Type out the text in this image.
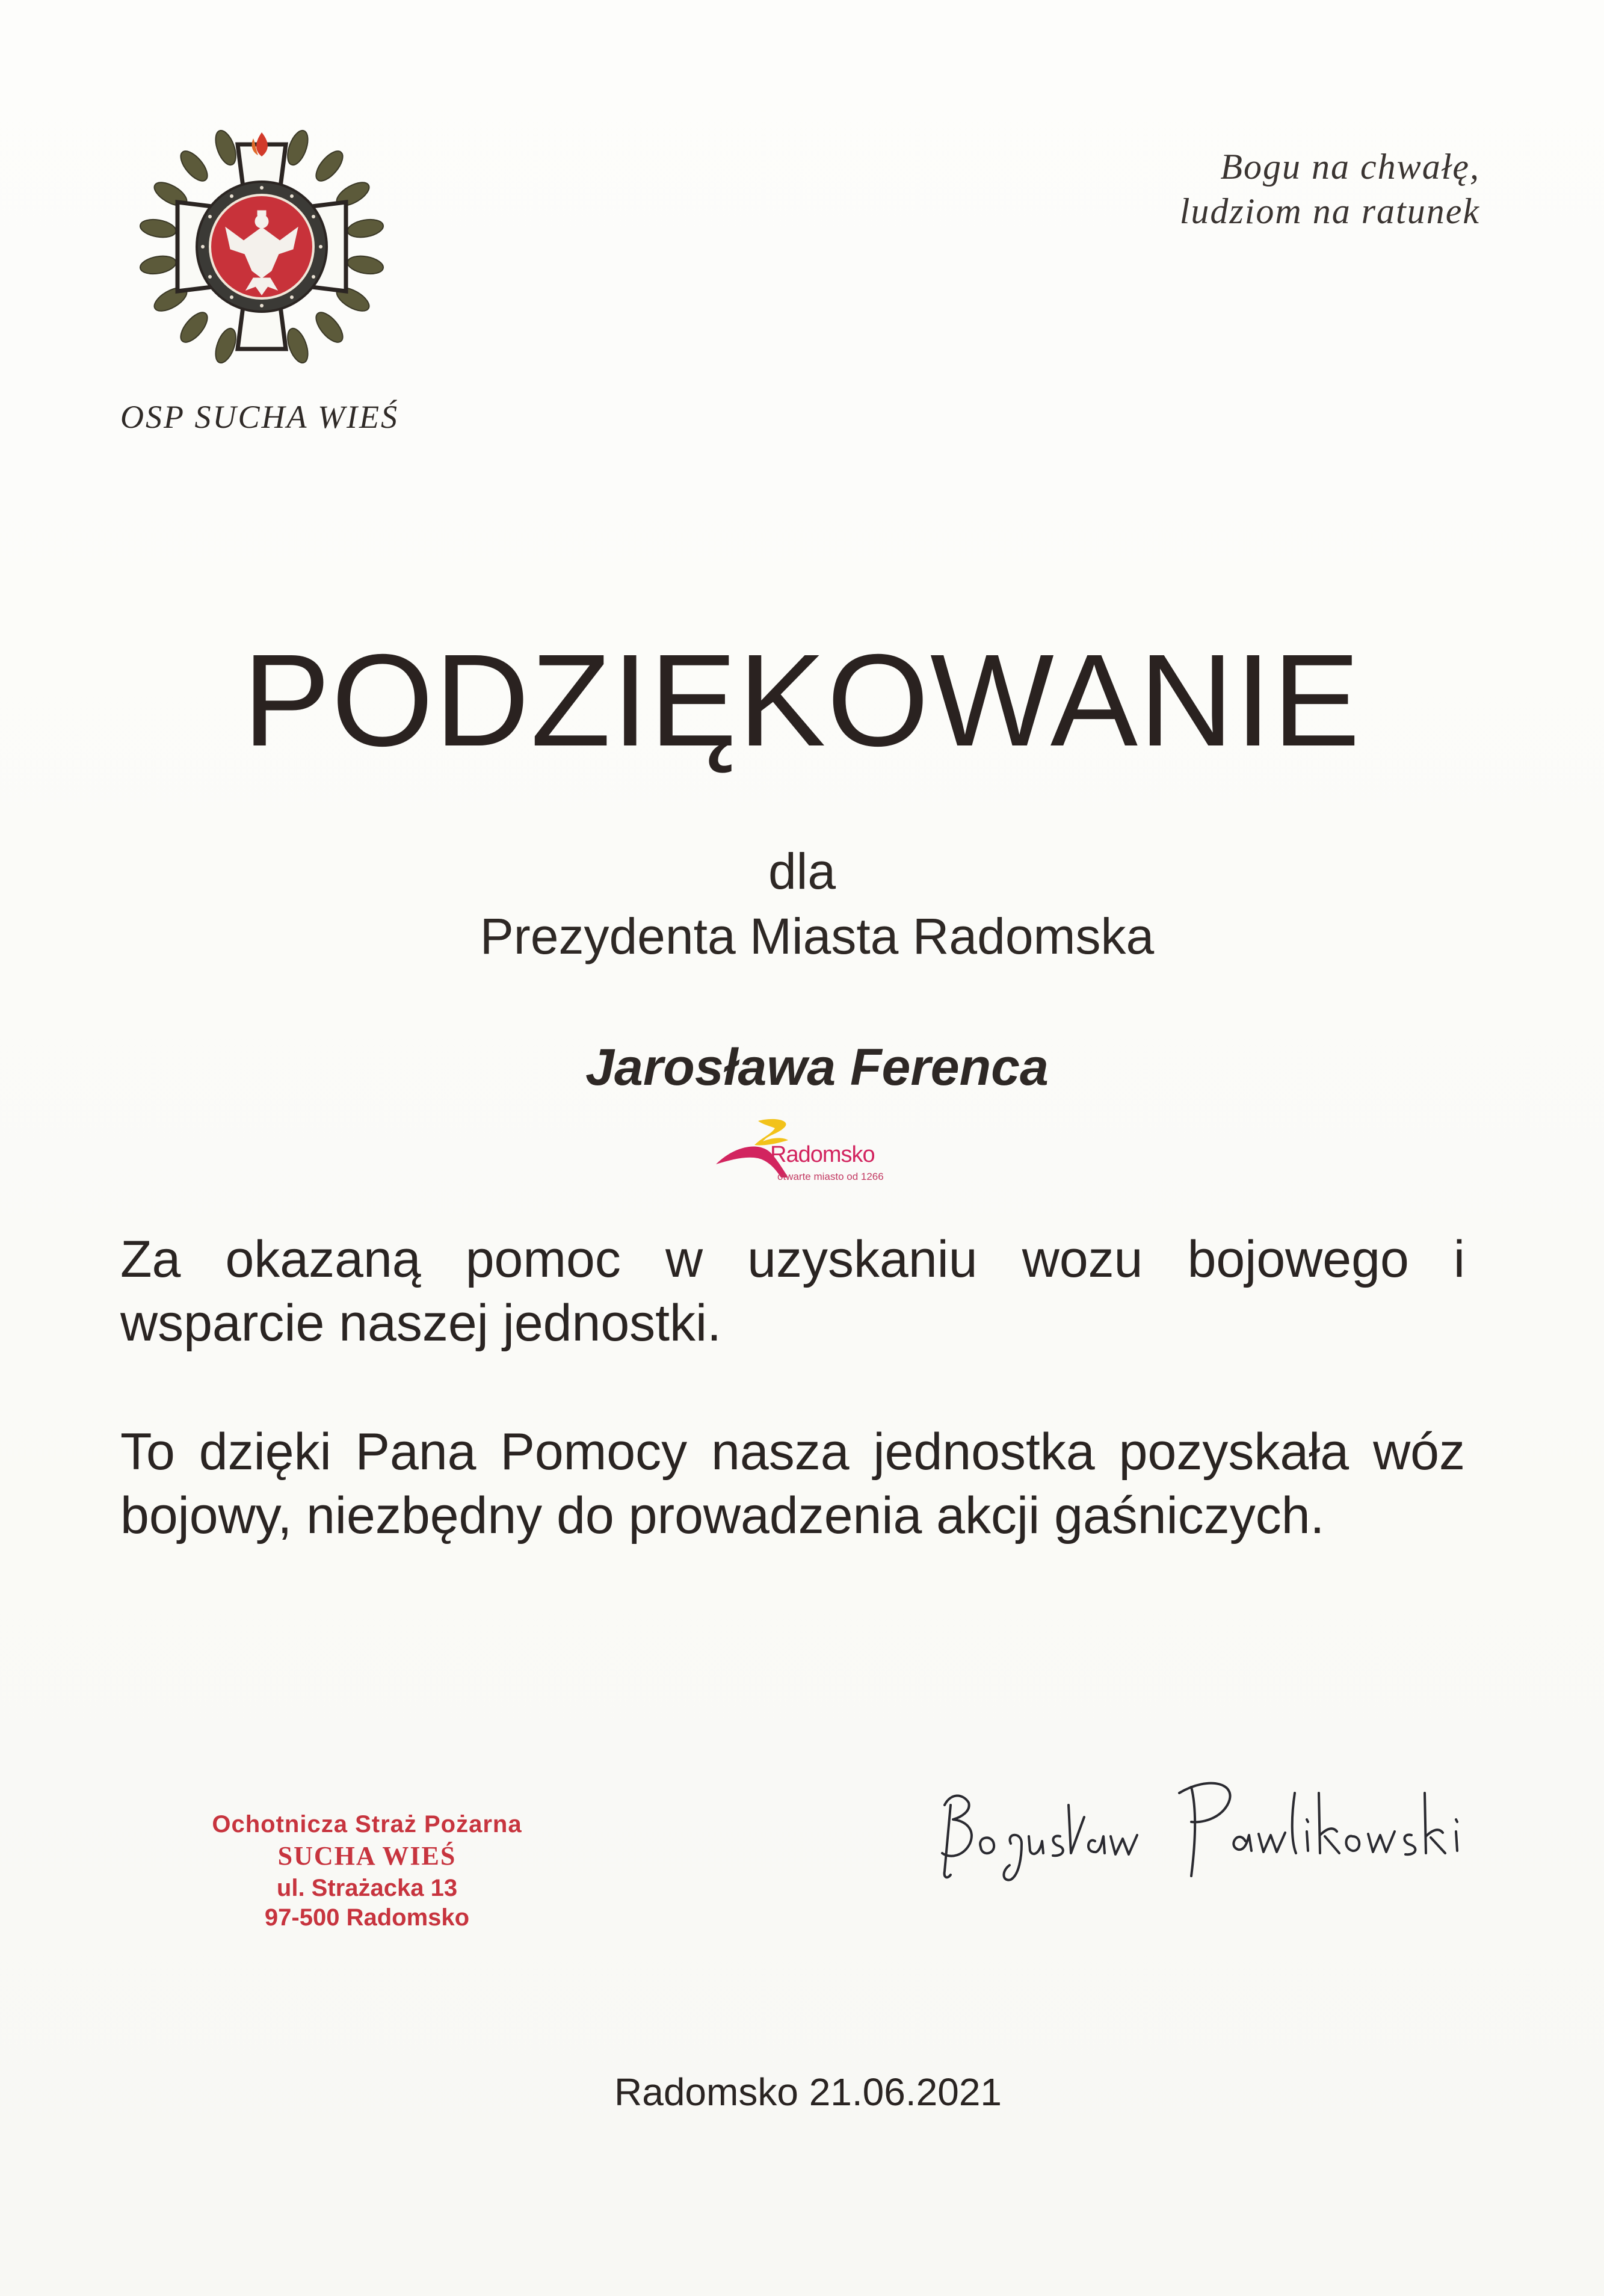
OSP SUCHA WIEŚ
Bogu na chwałę,
ludziom na ratunek
PODZIĘKOWANIE
dla
Prezydenta Miasta Radomska
Jarosława Ferenca
Radomsko
otwarte miasto od 1266
Za okazaną pomoc w uzyskaniu wozu bojowego i wsparcie naszej jednostki.
To dzięki Pana Pomocy nasza jednostka pozyskała wóz bojowy, niezbędny do prowadzenia akcji gaśniczych.
Ochotnicza Straż Pożarna
SUCHA WIEŚ
ul. Strażacka 13
97-500 Radomsko
Radomsko 21.06.2021
